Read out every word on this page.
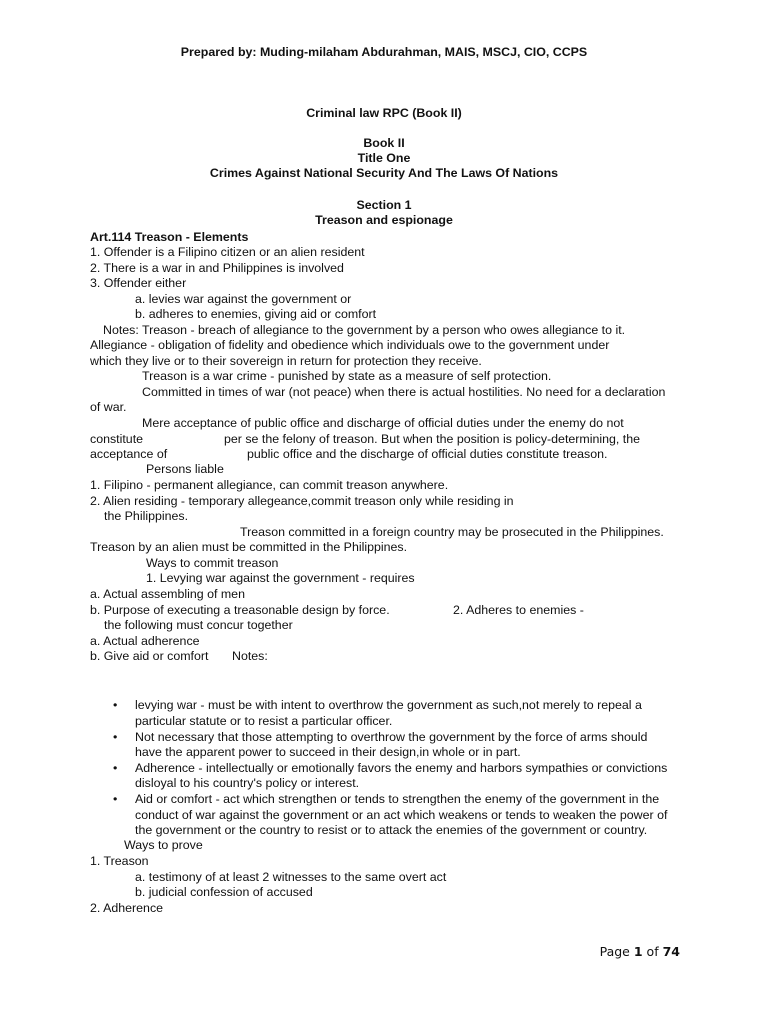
Prepared by: Muding-milaham Abdurahman, MAIS, MSCJ, CIO, CCPS
Criminal law RPC (Book II)
Book II
Title One
Crimes Against National Security And The Laws Of Nations
Section 1
Treason and espionage
Art.114 Treason - Elements
1. Offender is a Filipino citizen or an alien resident
2. There is a war in and Philippines is involved
3. Offender either
a. levies war against the government or
b. adheres to enemies, giving aid or comfort
Notes: Treason - breach of allegiance to the government by a person who owes allegiance to it.
Allegiance - obligation of fidelity and obedience which individuals owe to the government under
which they live or to their sovereign in return for protection they receive.
Treason is a war crime - punished by state as a measure of self protection.
Committed in times of war (not peace) when there is actual hostilities. No need for a declaration
of war.
Mere acceptance of public office and discharge of official duties under the enemy do not
constitute	per se the felony of treason. But when the position is policy-determining, the
acceptance of	public office and the discharge of official duties constitute treason.
Persons liable
1. Filipino - permanent allegiance, can commit treason anywhere.
2. Alien residing - temporary allegeance,commit treason only while residing in
the Philippines.
Treason committed in a foreign country may be prosecuted in the Philippines.
Treason by an alien must be committed in the Philippines.
Ways to commit treason
1. Levying war against the government - requires
a. Actual assembling of men
b. Purpose of executing a treasonable design by force.	2. Adheres to enemies -
the following must concur together
a. Actual adherence
b. Give aid or comfort Notes:
• levying war - must be with intent to overthrow the government as such,not merely to repeal a
particular statute or to resist a particular officer.
• Not necessary that those attempting to overthrow the government by the force of arms should
have the apparent power to succeed in their design,in whole or in part.
• Adherence - intellectually or emotionally favors the enemy and harbors sympathies or convictions
disloyal to his country's policy or interest.
• Aid or comfort - act which strengthen or tends to strengthen the enemy of the government in the
conduct of war against the government or an act which weakens or tends to weaken the power of
the government or the country to resist or to attack the enemies of the government or country.
Ways to prove
1. Treason
a. testimony of at least 2 witnesses to the same overt act
b. judicial confession of accused
2. Adherence
Page 1 of 74
